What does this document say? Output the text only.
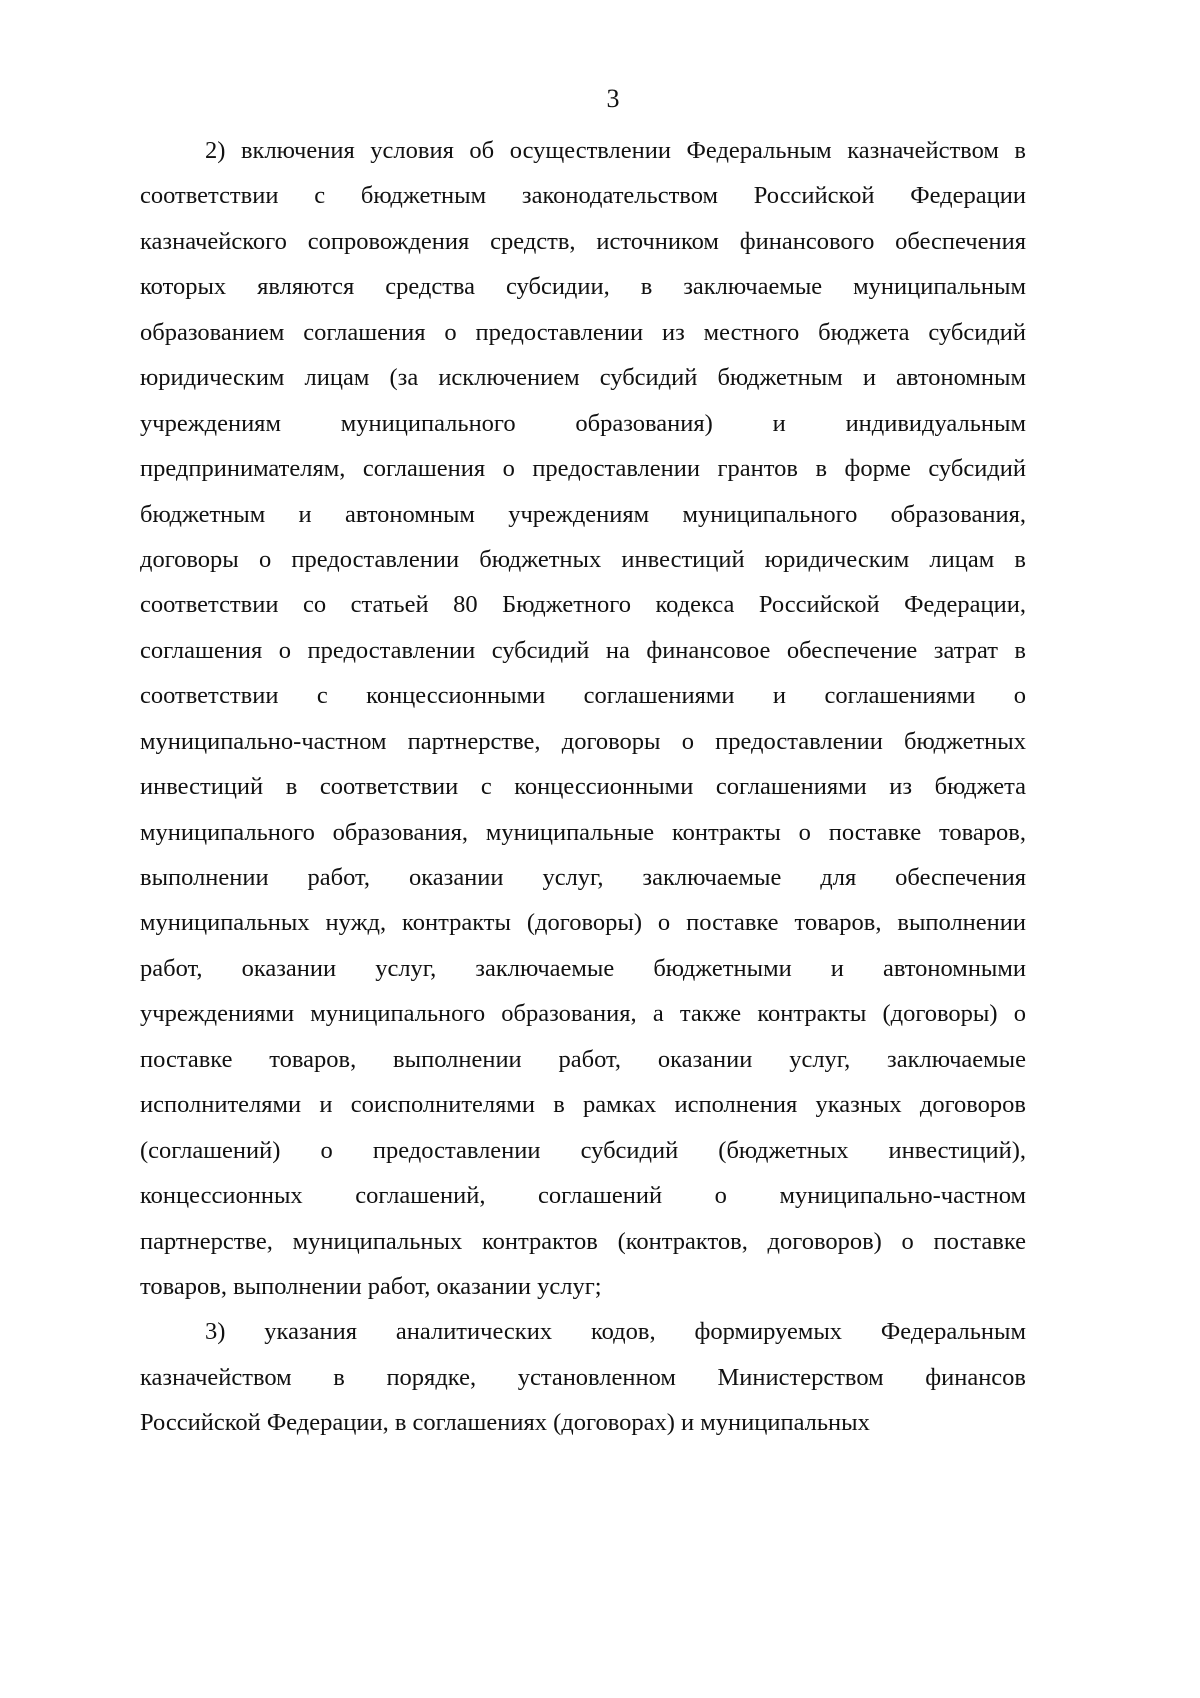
3
2) включения условия об осуществлении Федеральным казначейством в
соответствии с бюджетным законодательством Российской Федерации
казначейского сопровождения средств, источником финансового обеспечения
которых являются средства субсидии, в заключаемые муниципальным
образованием соглашения о предоставлении из местного бюджета субсидий
юридическим лицам (за исключением субсидий бюджетным и автономным
учреждениям муниципального образования) и индивидуальным
предпринимателям, соглашения о предоставлении грантов в форме субсидий
бюджетным и автономным учреждениям муниципального образования,
договоры о предоставлении бюджетных инвестиций юридическим лицам в
соответствии со статьей 80 Бюджетного кодекса Российской Федерации,
соглашения о предоставлении субсидий на финансовое обеспечение затрат в
соответствии с концессионными соглашениями и соглашениями о
муниципально-частном партнерстве, договоры о предоставлении бюджетных
инвестиций в соответствии с концессионными соглашениями из бюджета
муниципального образования, муниципальные контракты о поставке товаров,
выполнении работ, оказании услуг, заключаемые для обеспечения
муниципальных нужд, контракты (договоры) о поставке товаров, выполнении
работ, оказании услуг, заключаемые бюджетными и автономными
учреждениями муниципального образования, а также контракты (договоры) о
поставке товаров, выполнении работ, оказании услуг, заключаемые
исполнителями и соисполнителями в рамках исполнения указных договоров
(соглашений) о предоставлении субсидий (бюджетных инвестиций),
концессионных соглашений, соглашений о муниципально-частном
партнерстве, муниципальных контрактов (контрактов, договоров) о поставке
товаров, выполнении работ, оказании услуг;
3) указания аналитических кодов, формируемых Федеральным
казначейством в порядке, установленном Министерством финансов
Российской Федерации, в соглашениях (договорах) и муниципальных
